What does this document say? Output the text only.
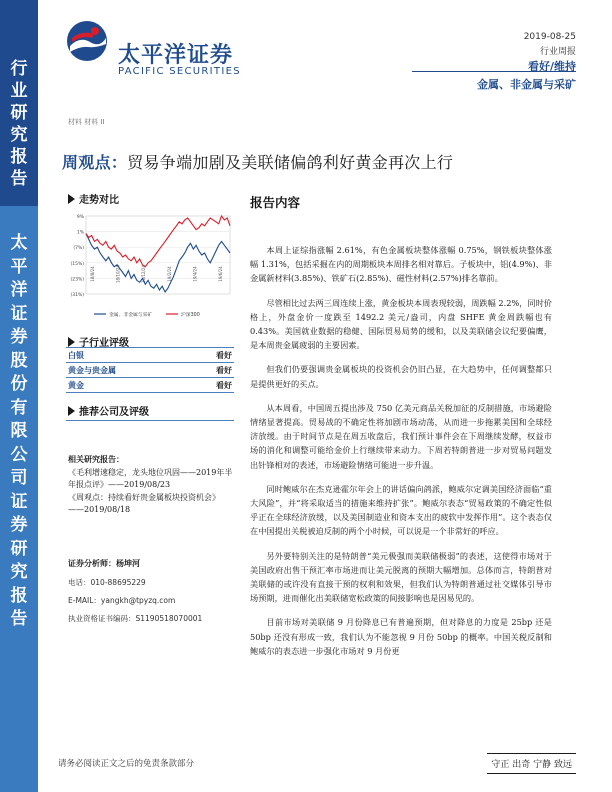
行
业
研
究
报
告
太
平
洋
证
券
股
份
有
限
公
司
证
券
研
究
报
告
太平洋证券
PACIFIC SECURITIES
2019-08-25
行业周报
看好/维持
金属、非金属与采矿
材料 材料 II
周观点：贸易争端加剧及美联储偏鸽利好黄金再次上行
走势对比
9%
1%
(7%)
(15%)
(23%)
(31%)
18/8/24	18/10/24	18/12/24	19/2/24	19/4/24	19/6/24
金属、非金属与采矿	沪深300
子行业评级
白银	看好
黄金与贵金属	看好
黄金	看好
推荐公司及评级

相关研究报告：

《毛利增速稳定，龙头地位巩固——2019年半年报点评》——2019/08/23

《周观点：持续看好贵金属板块投资机会》——2019/08/18

证券分析师：杨坤河

电话：010-88695229

E-MAIL：yangkh@tpyzq.com

执业资格证书编码：S1190518070001

报告内容

本周上证综指涨幅 2.61%，有色金属板块整体涨幅 0.75%，钢铁板块整体涨幅 1.31%，包括采掘在内的周期板块本周排名相对靠后。子板块中，铝(4.9%)、非金属新材料(3.85%)、铁矿石(2.85%)、磁性材料(2.57%)排名靠前。

尽管相比过去两三周连续上涨，黄金板块本周表现较弱，周跌幅 2.2%，同时价格上，外盘金价一度跌至 1492.2 美元/盎司，内盘 SHFE 黄金周跌幅也有 0.43%。美国就业数据的稳健、国际贸易局势的缓和，以及美联储会议纪要偏鹰，是本周贵金属疲弱的主要因素。

但我们仍要强调贵金属板块的投资机会仍旧凸显，在大趋势中，任何调整都只是提供更好的买点。

从本周看，中国周五提出涉及 750 亿美元商品关税加征的反制措施，市场避险情绪显著提高。贸易战的不确定性将加剧市场动荡，从而进一步拖累美国和全球经济放缓。由于时间节点是在周五收盘后，我们预计事件会在下周继续发酵，权益市场的消化和调整可能给金价上行继续带来动力。下周若特朗普进一步对贸易问题发出针锋相对的表述，市场避险情绪可能进一步升温。

同时鲍威尔在杰克逊霍尔年会上的讲话偏向鸽派，鲍威尔定调美国经济面临“重大风险”，并“将采取适当的措施来维持扩张”。鲍威尔表态“贸易政策的不确定性似乎正在全球经济放缓，以及美国制造业和资本支出的疲软中发挥作用”。这个表态仅在中国提出关税被迫反制的两个小时候，可以说是一个非常好的呼应。

另外要特别关注的是特朗普“美元极强而美联储极弱”的表述，这使得市场对于美国政府出售干预汇率市场进而让美元脱离的预期大幅增加。总体而言，特朗普对美联储的或许没有直接干预的权利和效果，但我们认为特朗普通过社交媒体引导市场预期，进而催化出美联储宽松政策的间接影响也是因易见的。

目前市场对美联储 9 月份降息已有普遍预期，但对降息的力度是 25bp 还是 50bp 还没有形成一致，我们认为不能忽视 9 月份 50bp 的概率。中国关税反制和鲍威尔的表态进一步强化市场对 9 月份更

请务必阅读正文之后的免责条款部分	守正 出奇 宁静 致远
